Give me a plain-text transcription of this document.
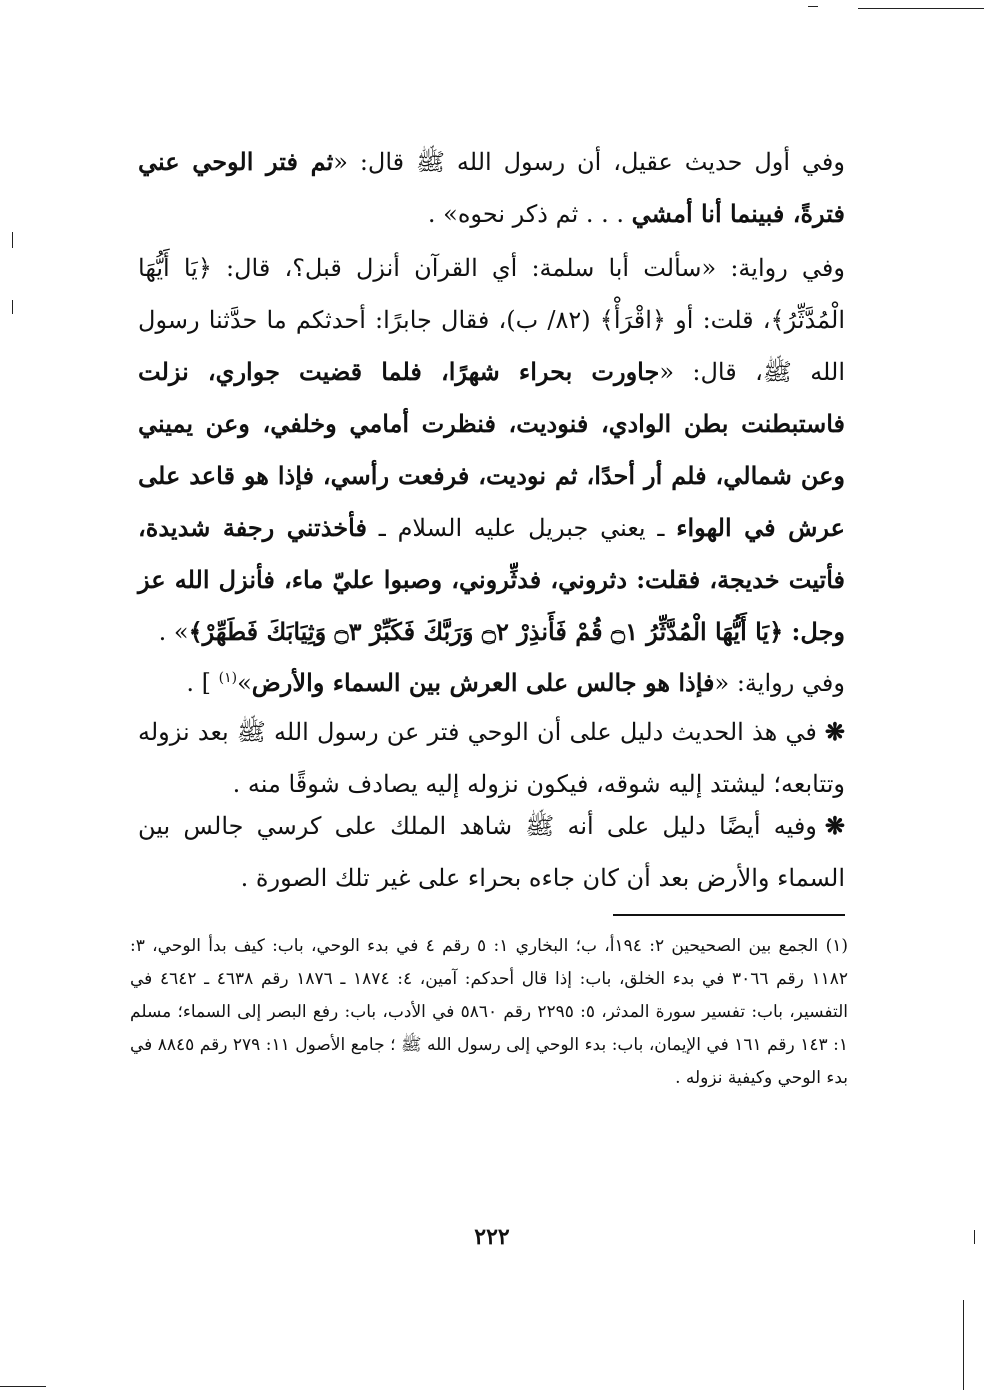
وفي أول حديث عقيل، أن رسول الله ﷺ قال: «ثم فتر الوحي عني فترةً، فبينما أنا أمشي . . . ثم ذكر نحوه» .

وفي رواية: «سألت أبا سلمة: أي القرآن أنزل قبل؟، قال: ﴿يَا أَيُّهَا الْمُدَّثِّرُ﴾، قلت: أو ﴿اقْرَأْ﴾ (٨٢/ ب)، فقال جابرًا: أحدثكم ما حدَّثنا رسول الله ﷺ، قال: «جاورت بحراء شهرًا، فلما قضيت جواري، نزلت فاستبطنت بطن الوادي، فنوديت، فنظرت أمامي وخلفي، وعن يميني وعن شمالي، فلم أر أحدًا، ثم نوديت، فرفعت رأسي، فإذا هو قاعد على عرش في الهواء ـ يعني جبريل عليه السلام ـ فأخذتني رجفة شديدة، فأتيت خديجة، فقلت: دثروني، فدثِّروني، وصبوا عليّ ماء، فأنزل الله عز وجل: ﴿يَا أَيُّهَا الْمُدَّثِّرُ ۝١ قُمْ فَأَنذِرْ ۝٢ وَرَبَّكَ فَكَبِّرْ ۝٣ وَثِيَابَكَ فَطَهِّرْ﴾» .

وفي رواية: «فإذا هو جالس على العرش بين السماء والأرض»$^{(١)}$ ] .

❋في هذ الحديث دليل على أن الوحي فتر عن رسول الله ﷺ بعد نزوله وتتابعه؛ ليشتد إليه شوقه، فيكون نزوله إليه يصادف شوقًا منه .

❋وفيه أيضًا دليل على أنه ﷺ شاهد الملك على كرسي جالس بين السماء والأرض بعد أن كان جاءه بحراء على غير تلك الصورة .

(١) الجمع بين الصحيحين ٢: ١٩٤أ، ب؛ البخاري ١: ٥ رقم ٤ في بدء الوحي، باب: كيف بدأ الوحي، ٣: ١١٨٢ رقم ٣٠٦٦ في بدء الخلق، باب: إذا قال أحدكم: آمين، ٤: ١٨٧٤ ـ ١٨٧٦ رقم ٤٦٣٨ ـ ٤٦٤٢ في التفسير، باب: تفسير سورة المدثر، ٥: ٢٢٩٥ رقم ٥٨٦٠ في الأدب، باب: رفع البصر إلى السماء؛ مسلم ١: ١٤٣ رقم ١٦١ في الإيمان، باب: بدء الوحي إلى رسول الله ﷺ ؛ جامع الأصول ١١: ٢٧٩ رقم ٨٨٤٥ في بدء الوحي وكيفية نزوله .
٢٢٢
